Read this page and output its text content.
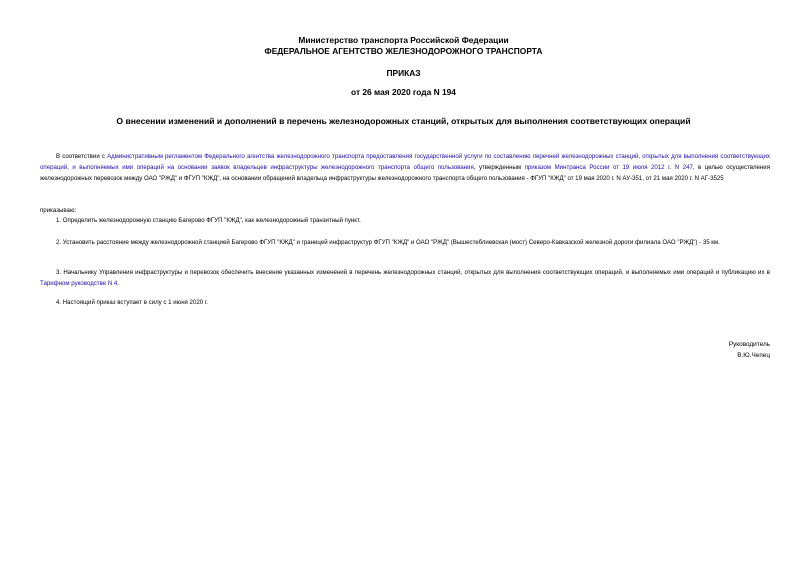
Министерство транспорта Российской Федерации
ФЕДЕРАЛЬНОЕ АГЕНТСТВО ЖЕЛЕЗНОДОРОЖНОГО ТРАНСПОРТА
ПРИКАЗ
от 26 мая 2020 года N 194
О внесении изменений и дополнений в перечень железнодорожных станций, открытых для выполнения соответствующих операций
В соответствии с Административным регламентом Федерального агентства железнодорожного транспорта предоставления государственной услуги по составлению перечней железнодорожных станций, открытых для выполнения соответствующих операций, и выполняемых ими операций на основании заявок владельцев инфраструктуры железнодорожного транспорта общего пользования, утвержденным приказом Минтранса России от 19 июля 2012 г. N 247, в целью осуществления железнодорожных перевозок между ОАО "РЖД" и ФГУП "КЖД", на основании обращений владельца инфраструктуры железнодорожного транспорта общего пользования - ФГУП "КЖД" от 19 мая 2020 г. N АУ-351, от 21 мая 2020 г. N АГ-3525
приказываю:
1. Определить железнодорожную станцию Багерово ФГУП "КЖД", как железнодорожный транзитный пункт.
2. Установить расстояние между железнодорожной станцией Багерово ФГУП "КЖД" и границей инфраструктур ФГУП "КЖД" и ОАО "РЖД" (Вышестеблиевская (мост) Северо-Кавказской железной дороги филиала ОАО "РЖД") - 35 км.
3. Начальнику Управления инфраструктуры и перевозок обеспечить внесение указанных изменений в перечень железнодорожных станций, открытых для выполнения соответствующих операций, и выполняемых ими операций и публикацию их в Тарифном руководстве N 4.
4. Настоящий приказ вступает в силу с 1 июня 2020 г.
Руководитель
В.Ю.Чепец
